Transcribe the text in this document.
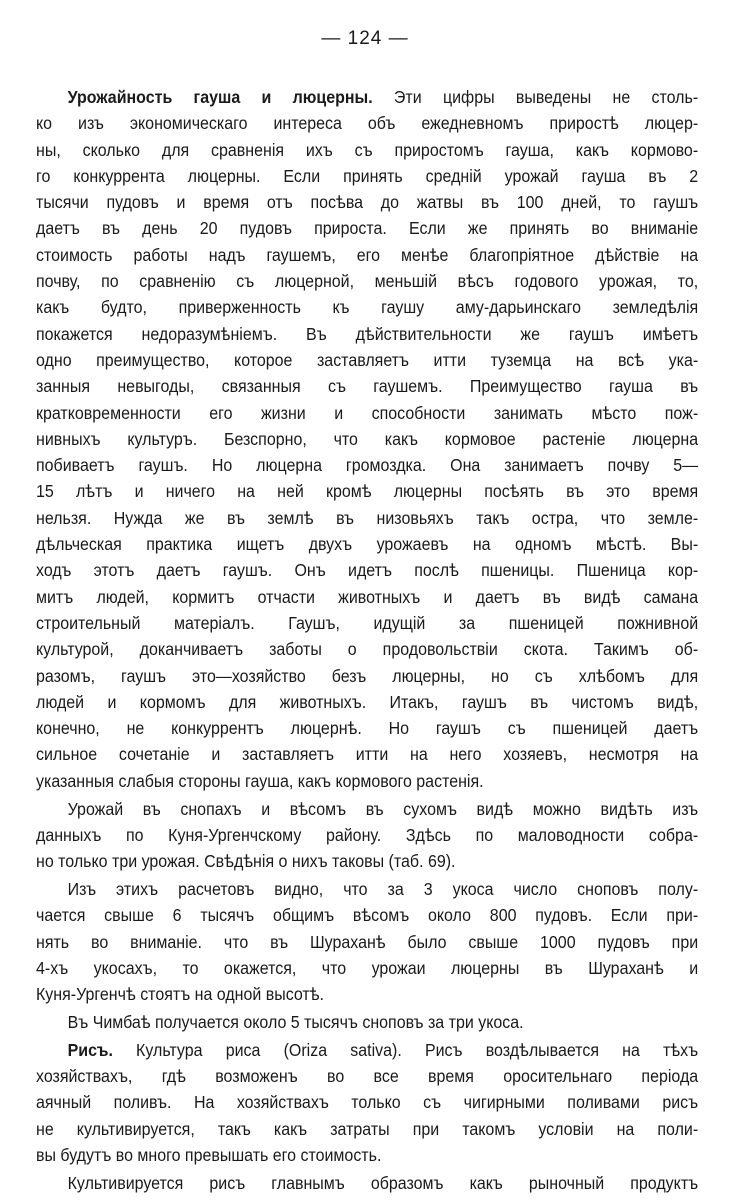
— 124 —
Урожайность гауша и люцерны. Эти цифры выведены не столь-
ко изъ экономическаго интереса объ ежедневномъ приростѣ люцер-
ны, сколько для сравненія ихъ съ приростомъ гауша, какъ кормово-
го конкуррента люцерны. Если принять средній урожай гауша въ 2
тысячи пудовъ и время отъ посѣва до жатвы въ 100 дней, то гаушъ
даетъ въ день 20 пудовъ прироста. Если же принять во вниманіе
стоимость работы надъ гаушемъ, его менѣе благопріятное дѣйствіе на
почву, по сравненію съ люцерной, меньшій вѣсъ годового урожая, то,
какъ будто, приверженность къ гаушу аму-дарьинскаго земледѣлія
покажется недоразумѣніемъ. Въ дѣйствительности же гаушъ имѣетъ
одно преимущество, которое заставляетъ итти туземца на всѣ ука-
занныя невыгоды, связанныя съ гаушемъ. Преимущество гауша въ
кратковременности его жизни и способности занимать мѣсто пож-
нивныхъ культуръ. Безспорно, что какъ кормовое растеніе люцерна
побиваетъ гаушъ. Но люцерна громоздка. Она занимаетъ почву 5—
15 лѣтъ и ничего на ней кромѣ люцерны посѣять въ это время
нельзя. Нужда же въ землѣ въ низовьяхъ такъ остра, что земле-
дѣльческая практика ищетъ двухъ урожаевъ на одномъ мѣстѣ. Вы-
ходъ этотъ даетъ гаушъ. Онъ идетъ послѣ пшеницы. Пшеница кор-
митъ людей, кормитъ отчасти животныхъ и даетъ въ видѣ самана
строительный матеріалъ. Гаушъ, идущій за пшеницей пожнивной
культурой, доканчиваетъ заботы о продовольствіи скота. Такимъ об-
разомъ, гаушъ это—хозяйство безъ люцерны, но съ хлѣбомъ для
людей и кормомъ для животныхъ. Итакъ, гаушъ въ чистомъ видѣ,
конечно, не конкуррентъ люцернѣ. Но гаушъ съ пшеницей даетъ
сильное сочетаніе и заставляетъ итти на него хозяевъ, несмотря на
указанныя слабыя стороны гауша, какъ кормового растенія.
Урожай въ снопахъ и вѣсомъ въ сухомъ видѣ можно видѣть изъ
данныхъ по Куня-Ургенчскому району. Здѣсь по маловодности собра-
но только три урожая. Свѣдѣнія о нихъ таковы (таб. 69).
Изъ этихъ расчетовъ видно, что за 3 укоса число сноповъ полу-
чается свыше 6 тысячъ общимъ вѣсомъ около 800 пудовъ. Если при-
нять во вниманіе. что въ Шураханѣ было свыше 1000 пудовъ при
4-хъ укосахъ, то окажется, что урожаи люцерны въ Шураханѣ и
Куня-Ургенчѣ стоятъ на одной высотѣ.
Въ Чимбаѣ получается около 5 тысячъ сноповъ за три укоса.
Рисъ. Культура риса (Oriza sativa). Рисъ воздѣлывается на тѣхъ
хозяйствахъ, гдѣ возможенъ во все время оросительнаго періода
аячный поливъ. На хозяйствахъ только съ чигирными поливами рисъ
не культивируется, такъ какъ затраты при такомъ условіи на поли-
вы будутъ во много превышать его стоимость.
Культивируется рисъ главнымъ образомъ какъ рыночный продуктъ
